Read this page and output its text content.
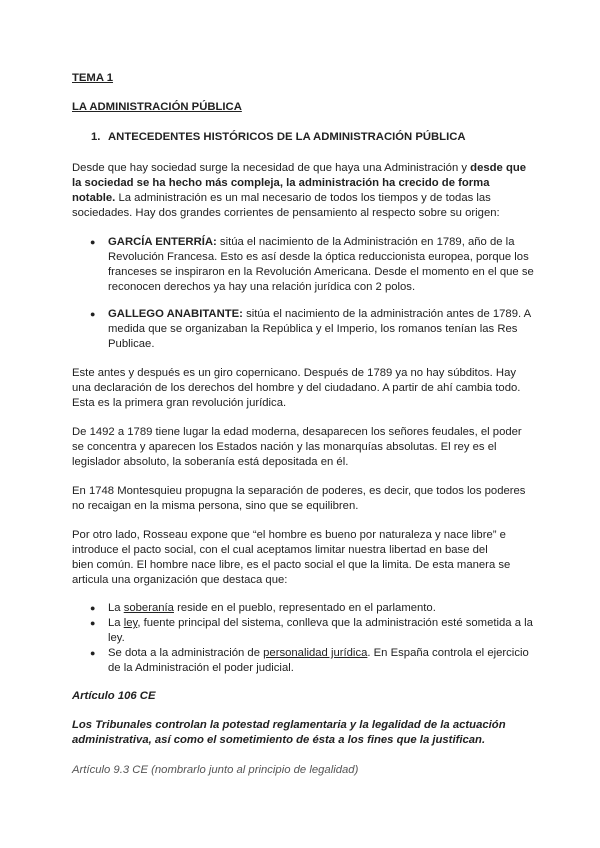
TEMA 1
LA ADMINISTRACIÓN PÚBLICA
1. ANTECEDENTES HISTÓRICOS DE LA ADMINISTRACIÓN PÚBLICA
Desde que hay sociedad surge la necesidad de que haya una Administración y desde que
la sociedad se ha hecho más compleja, la administración ha crecido de forma
notable. La administración es un mal necesario de todos los tiempos y de todas las
sociedades. Hay dos grandes corrientes de pensamiento al respecto sobre su origen:
● GARCÍA ENTERRÍA: sitúa el nacimiento de la Administración en 1789, año de la
Revolución Francesa. Esto es así desde la óptica reduccionista europea, porque los
franceses se inspiraron en la Revolución Americana. Desde el momento en el que se
reconocen derechos ya hay una relación jurídica con 2 polos.
● GALLEGO ANABITANTE: sitúa el nacimiento de la administración antes de 1789. A
medida que se organizaban la República y el Imperio, los romanos tenían las Res
Publicae.
Este antes y después es un giro copernicano. Después de 1789 ya no hay súbditos. Hay
una declaración de los derechos del hombre y del ciudadano. A partir de ahí cambia todo.
Esta es la primera gran revolución jurídica.
De 1492 a 1789 tiene lugar la edad moderna, desaparecen los señores feudales, el poder
se concentra y aparecen los Estados nación y las monarquías absolutas. El rey es el
legislador absoluto, la soberanía está depositada en él.
En 1748 Montesquieu propugna la separación de poderes, es decir, que todos los poderes
no recaigan en la misma persona, sino que se equilibren.
Por otro lado, Rosseau expone que “el hombre es bueno por naturaleza y nace libre” e
introduce el pacto social, con el cual aceptamos limitar nuestra libertad en base del
bien común. El hombre nace libre, es el pacto social el que la limita. De esta manera se
articula una organización que destaca que:
● La soberanía reside en el pueblo, representado en el parlamento.
● La ley, fuente principal del sistema, conlleva que la administración esté sometida a la
ley.
● Se dota a la administración de personalidad jurídica. En España controla el ejercicio
de la Administración el poder judicial.
Artículo 106 CE
Los Tribunales controlan la potestad reglamentaria y la legalidad de la actuación
administrativa, así como el sometimiento de ésta a los fines que la justifican.
Artículo 9.3 CE (nombrarlo junto al principio de legalidad)
